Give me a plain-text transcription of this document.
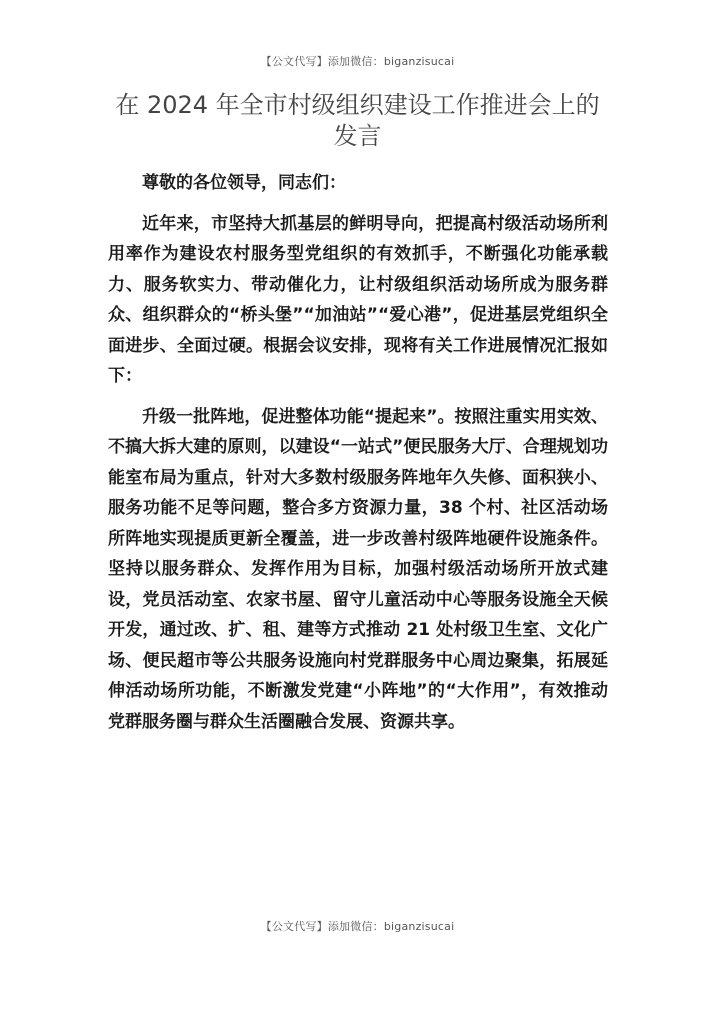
【公文代写】添加微信：biganzisucai
在 2024 年全市村级组织建设工作推进会上的发言

尊敬的各位领导，同志们：

近年来，市坚持大抓基层的鲜明导向，把提高村级活动场所利用率作为建设农村服务型党组织的有效抓手，不断强化功能承载力、服务软实力、带动催化力，让村级组织活动场所成为服务群众、组织群众的“桥头堡”“加油站”“爱心港”，促进基层党组织全面进步、全面过硬。根据会议安排，现将有关工作进展情况汇报如下：

升级一批阵地，促进整体功能“提起来”。按照注重实用实效、不搞大拆大建的原则，以建设“一站式”便民服务大厅、合理规划功能室布局为重点，针对大多数村级服务阵地年久失修、面积狭小、服务功能不足等问题，整合多方资源力量，38 个村、社区活动场所阵地实现提质更新全覆盖，进一步改善村级阵地硬件设施条件。坚持以服务群众、发挥作用为目标，加强村级活动场所开放式建设，党员活动室、农家书屋、留守儿童活动中心等服务设施全天候开发，通过改、扩、租、建等方式推动 21 处村级卫生室、文化广场、便民超市等公共服务设施向村党群服务中心周边聚集，拓展延伸活动场所功能，不断激发党建“小阵地”的“大作用”，有效推动党群服务圈与群众生活圈融合发展、资源共享。

【公文代写】添加微信：biganzisucai
